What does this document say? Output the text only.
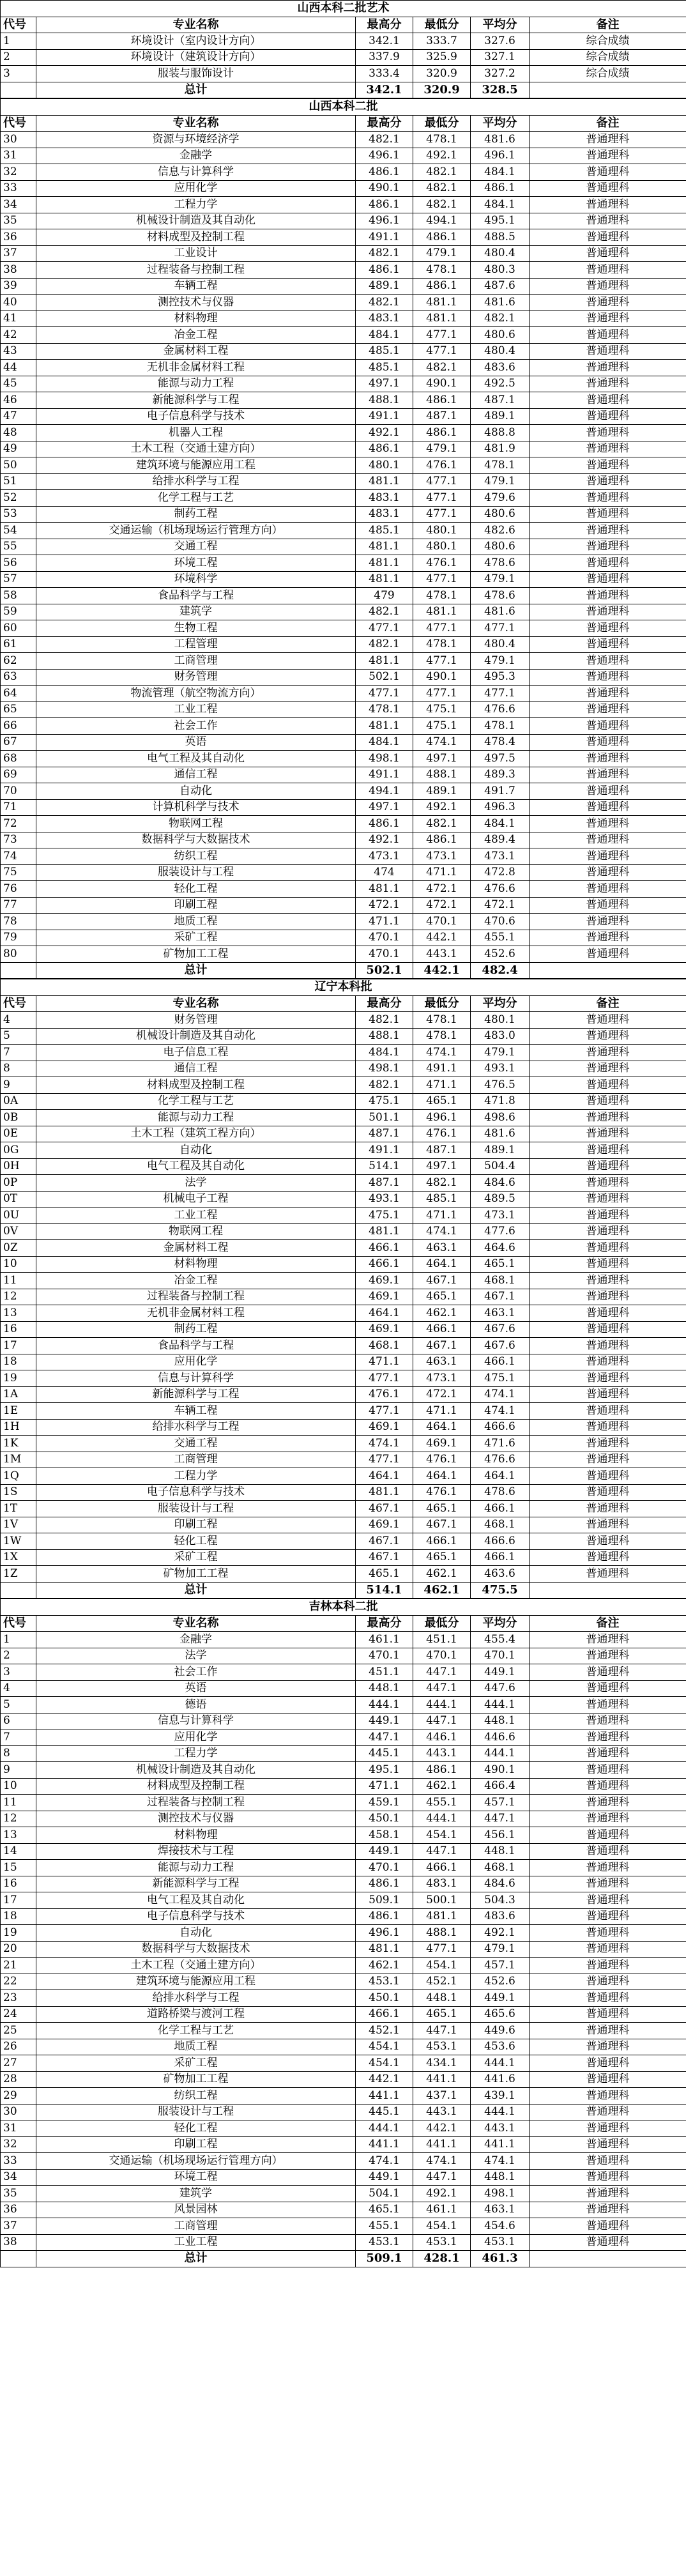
山西本科二批艺术					
代号	专业名称	最高分	最低分	平均分	备注
1	环境设计（室内设计方向）	342.1	333.7	327.6	综合成绩
2	环境设计（建筑设计方向）	337.9	325.9	327.1	综合成绩
3	服装与服饰设计	333.4	320.9	327.2	综合成绩
	总计	342.1	320.9	328.5	
山西本科二批					
代号	专业名称	最高分	最低分	平均分	备注
30	资源与环境经济学	482.1	478.1	481.6	普通理科
31	金融学	496.1	492.1	496.1	普通理科
32	信息与计算科学	486.1	482.1	484.1	普通理科
33	应用化学	490.1	482.1	486.1	普通理科
34	工程力学	486.1	482.1	484.1	普通理科
35	机械设计制造及其自动化	496.1	494.1	495.1	普通理科
36	材料成型及控制工程	491.1	486.1	488.5	普通理科
37	工业设计	482.1	479.1	480.4	普通理科
38	过程装备与控制工程	486.1	478.1	480.3	普通理科
39	车辆工程	489.1	486.1	487.6	普通理科
40	测控技术与仪器	482.1	481.1	481.6	普通理科
41	材料物理	483.1	481.1	482.1	普通理科
42	冶金工程	484.1	477.1	480.6	普通理科
43	金属材料工程	485.1	477.1	480.4	普通理科
44	无机非金属材料工程	485.1	482.1	483.6	普通理科
45	能源与动力工程	497.1	490.1	492.5	普通理科
46	新能源科学与工程	488.1	486.1	487.1	普通理科
47	电子信息科学与技术	491.1	487.1	489.1	普通理科
48	机器人工程	492.1	486.1	488.8	普通理科
49	土木工程（交通土建方向）	486.1	479.1	481.9	普通理科
50	建筑环境与能源应用工程	480.1	476.1	478.1	普通理科
51	给排水科学与工程	481.1	477.1	479.1	普通理科
52	化学工程与工艺	483.1	477.1	479.6	普通理科
53	制药工程	483.1	477.1	480.6	普通理科
54	交通运输（机场现场运行管理方向）	485.1	480.1	482.6	普通理科
55	交通工程	481.1	480.1	480.6	普通理科
56	环境工程	481.1	476.1	478.6	普通理科
57	环境科学	481.1	477.1	479.1	普通理科
58	食品科学与工程	479	478.1	478.6	普通理科
59	建筑学	482.1	481.1	481.6	普通理科
60	生物工程	477.1	477.1	477.1	普通理科
61	工程管理	482.1	478.1	480.4	普通理科
62	工商管理	481.1	477.1	479.1	普通理科
63	财务管理	502.1	490.1	495.3	普通理科
64	物流管理（航空物流方向）	477.1	477.1	477.1	普通理科
65	工业工程	478.1	475.1	476.6	普通理科
66	社会工作	481.1	475.1	478.1	普通理科
67	英语	484.1	474.1	478.4	普通理科
68	电气工程及其自动化	498.1	497.1	497.5	普通理科
69	通信工程	491.1	488.1	489.3	普通理科
70	自动化	494.1	489.1	491.7	普通理科
71	计算机科学与技术	497.1	492.1	496.3	普通理科
72	物联网工程	486.1	482.1	484.1	普通理科
73	数据科学与大数据技术	492.1	486.1	489.4	普通理科
74	纺织工程	473.1	473.1	473.1	普通理科
75	服装设计与工程	474	471.1	472.8	普通理科
76	轻化工程	481.1	472.1	476.6	普通理科
77	印刷工程	472.1	472.1	472.1	普通理科
78	地质工程	471.1	470.1	470.6	普通理科
79	采矿工程	470.1	442.1	455.1	普通理科
80	矿物加工工程	470.1	443.1	452.6	普通理科
	总计	502.1	442.1	482.4	
辽宁本科批					
代号	专业名称	最高分	最低分	平均分	备注
4	财务管理	482.1	478.1	480.1	普通理科
5	机械设计制造及其自动化	488.1	478.1	483.0	普通理科
7	电子信息工程	484.1	474.1	479.1	普通理科
8	通信工程	498.1	491.1	493.1	普通理科
9	材料成型及控制工程	482.1	471.1	476.5	普通理科
0A	化学工程与工艺	475.1	465.1	471.8	普通理科
0B	能源与动力工程	501.1	496.1	498.6	普通理科
0E	土木工程（建筑工程方向）	487.1	476.1	481.6	普通理科
0G	自动化	491.1	487.1	489.1	普通理科
0H	电气工程及其自动化	514.1	497.1	504.4	普通理科
0P	法学	487.1	482.1	484.6	普通理科
0T	机械电子工程	493.1	485.1	489.5	普通理科
0U	工业工程	475.1	471.1	473.1	普通理科
0V	物联网工程	481.1	474.1	477.6	普通理科
0Z	金属材料工程	466.1	463.1	464.6	普通理科
10	材料物理	466.1	464.1	465.1	普通理科
11	冶金工程	469.1	467.1	468.1	普通理科
12	过程装备与控制工程	469.1	465.1	467.1	普通理科
13	无机非金属材料工程	464.1	462.1	463.1	普通理科
16	制药工程	469.1	466.1	467.6	普通理科
17	食品科学与工程	468.1	467.1	467.6	普通理科
18	应用化学	471.1	463.1	466.1	普通理科
19	信息与计算科学	477.1	473.1	475.1	普通理科
1A	新能源科学与工程	476.1	472.1	474.1	普通理科
1E	车辆工程	477.1	471.1	474.1	普通理科
1H	给排水科学与工程	469.1	464.1	466.6	普通理科
1K	交通工程	474.1	469.1	471.6	普通理科
1M	工商管理	477.1	476.1	476.6	普通理科
1Q	工程力学	464.1	464.1	464.1	普通理科
1S	电子信息科学与技术	481.1	476.1	478.6	普通理科
1T	服装设计与工程	467.1	465.1	466.1	普通理科
1V	印刷工程	469.1	467.1	468.1	普通理科
1W	轻化工程	467.1	466.1	466.6	普通理科
1X	采矿工程	467.1	465.1	466.1	普通理科
1Z	矿物加工工程	465.1	462.1	463.6	普通理科
	总计	514.1	462.1	475.5	
吉林本科二批					
代号	专业名称	最高分	最低分	平均分	备注
1	金融学	461.1	451.1	455.4	普通理科
2	法学	470.1	470.1	470.1	普通理科
3	社会工作	451.1	447.1	449.1	普通理科
4	英语	448.1	447.1	447.6	普通理科
5	德语	444.1	444.1	444.1	普通理科
6	信息与计算科学	449.1	447.1	448.1	普通理科
7	应用化学	447.1	446.1	446.6	普通理科
8	工程力学	445.1	443.1	444.1	普通理科
9	机械设计制造及其自动化	495.1	486.1	490.1	普通理科
10	材料成型及控制工程	471.1	462.1	466.4	普通理科
11	过程装备与控制工程	459.1	455.1	457.1	普通理科
12	测控技术与仪器	450.1	444.1	447.1	普通理科
13	材料物理	458.1	454.1	456.1	普通理科
14	焊接技术与工程	449.1	447.1	448.1	普通理科
15	能源与动力工程	470.1	466.1	468.1	普通理科
16	新能源科学与工程	486.1	483.1	484.6	普通理科
17	电气工程及其自动化	509.1	500.1	504.3	普通理科
18	电子信息科学与技术	486.1	481.1	483.6	普通理科
19	自动化	496.1	488.1	492.1	普通理科
20	数据科学与大数据技术	481.1	477.1	479.1	普通理科
21	土木工程（交通土建方向）	462.1	454.1	457.1	普通理科
22	建筑环境与能源应用工程	453.1	452.1	452.6	普通理科
23	给排水科学与工程	450.1	448.1	449.1	普通理科
24	道路桥梁与渡河工程	466.1	465.1	465.6	普通理科
25	化学工程与工艺	452.1	447.1	449.6	普通理科
26	地质工程	454.1	453.1	453.6	普通理科
27	采矿工程	454.1	434.1	444.1	普通理科
28	矿物加工工程	442.1	441.1	441.6	普通理科
29	纺织工程	441.1	437.1	439.1	普通理科
30	服装设计与工程	445.1	443.1	444.1	普通理科
31	轻化工程	444.1	442.1	443.1	普通理科
32	印刷工程	441.1	441.1	441.1	普通理科
33	交通运输（机场现场运行管理方向）	474.1	474.1	474.1	普通理科
34	环境工程	449.1	447.1	448.1	普通理科
35	建筑学	504.1	492.1	498.1	普通理科
36	风景园林	465.1	461.1	463.1	普通理科
37	工商管理	455.1	454.1	454.6	普通理科
38	工业工程	453.1	453.1	453.1	普通理科
	总计	509.1	428.1	461.3	
